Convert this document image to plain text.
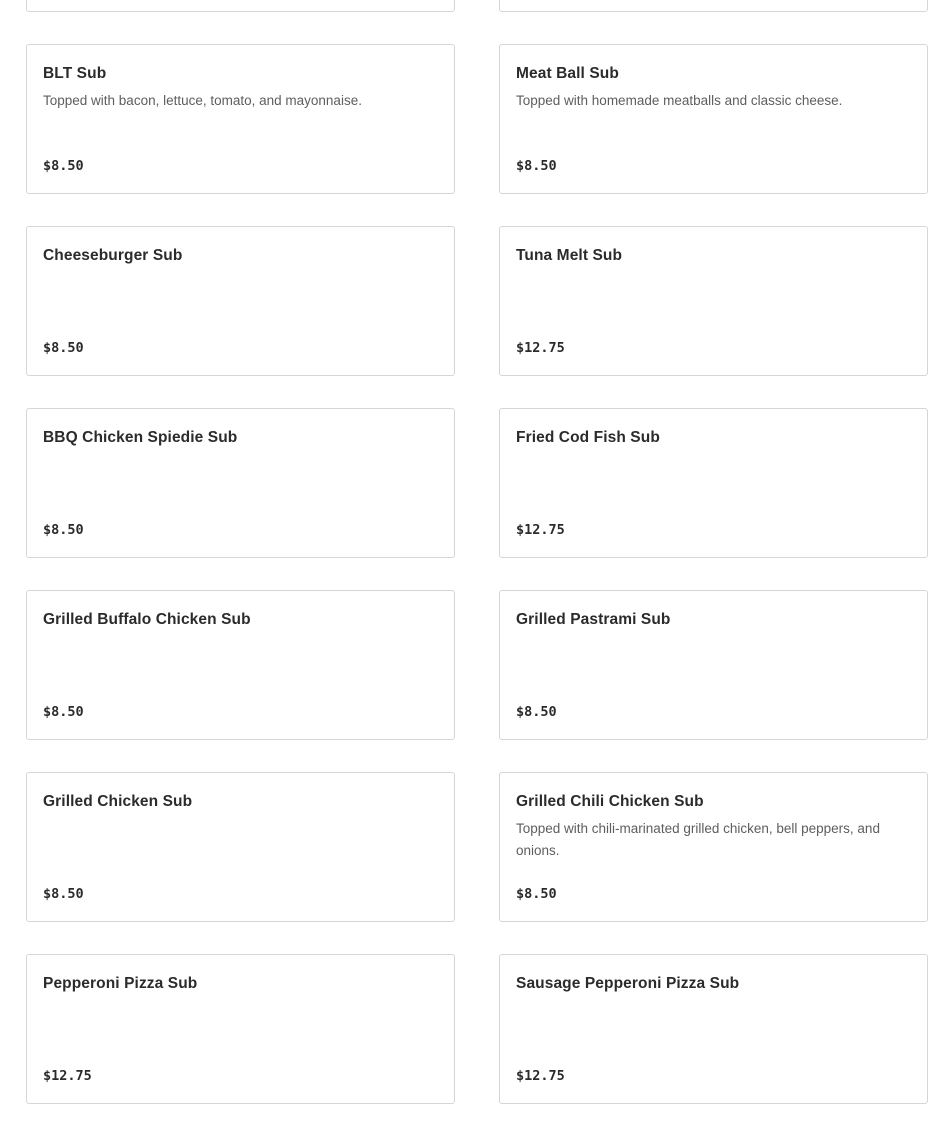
BLT Sub
Topped with bacon, lettuce, tomato, and mayonnaise.
$8.50
Meat Ball Sub
Topped with homemade meatballs and classic cheese.
$8.50
Cheeseburger Sub
$8.50
Tuna Melt Sub
$12.75
BBQ Chicken Spiedie Sub
$8.50
Fried Cod Fish Sub
$12.75
Grilled Buffalo Chicken Sub
$8.50
Grilled Pastrami Sub
$8.50
Grilled Chicken Sub
$8.50
Grilled Chili Chicken Sub
Topped with chili-marinated grilled chicken, bell peppers, and onions.
$8.50
Pepperoni Pizza Sub
$12.75
Sausage Pepperoni Pizza Sub
$12.75
